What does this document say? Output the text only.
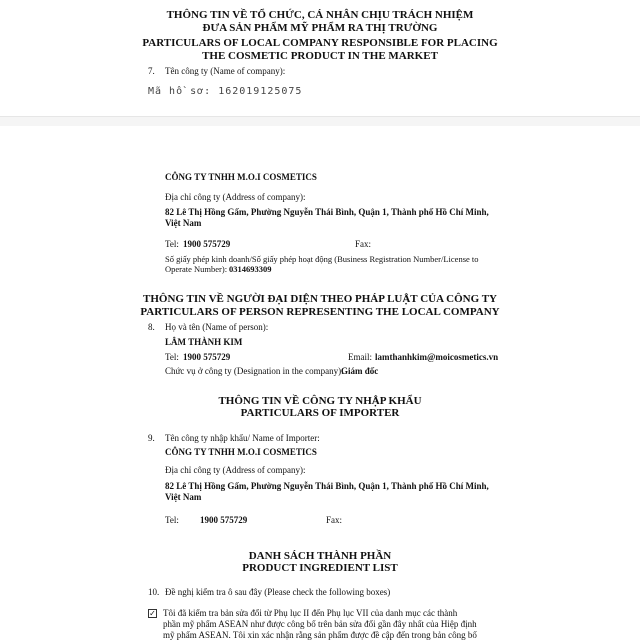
THÔNG TIN VỀ TỔ CHỨC, CÁ NHÂN CHỊU TRÁCH NHIỆM
ĐƯA SẢN PHẨM MỸ PHẨM RA THỊ TRƯỜNG
PARTICULARS OF LOCAL COMPANY RESPONSIBLE FOR PLACING
THE COSMETIC PRODUCT IN THE MARKET
7. Tên công ty (Name of company):
Mã hồ sơ: 162019125075
CÔNG TY TNHH M.O.I COSMETICS
Địa chỉ công ty (Address of company):
82 Lê Thị Hồng Gấm, Phường Nguyễn Thái Bình, Quận 1, Thành phố Hồ Chí Minh,
Việt Nam
Tel: 1900 575729	Fax:
Số giấy phép kinh doanh/Số giấy phép hoạt động (Business Registration Number/License to
Operate Number): 0314693309
THÔNG TIN VỀ NGƯỜI ĐẠI DIỆN THEO PHÁP LUẬT CỦA CÔNG TY
PARTICULARS OF PERSON REPRESENTING THE LOCAL COMPANY
8. Họ và tên (Name of person):
LÂM THÀNH KIM
Tel: 1900 575729	Email: lamthanhkim@moicosmetics.vn
Chức vụ ở công ty (Designation in the company):
Giám đốc
THÔNG TIN VỀ CÔNG TY NHẬP KHẨU
PARTICULARS OF IMPORTER
9. Tên công ty nhập khẩu/ Name of Importer:
CÔNG TY TNHH M.O.I COSMETICS
Địa chỉ công ty (Address of company):
82 Lê Thị Hồng Gấm, Phường Nguyễn Thái Bình, Quận 1, Thành phố Hồ Chí Minh,
Việt Nam
Tel: 1900 575729	Fax:
DANH SÁCH THÀNH PHẦN
PRODUCT INGREDIENT LIST
10. Đề nghị kiểm tra ô sau đây (Please check the following boxes)
✓ Tôi đã kiểm tra bản sửa đổi từ Phụ lục II đến Phụ lục VII của danh mục các thành
phần mỹ phẩm ASEAN như được công bố trên bản sửa đổi gần đây nhất của Hiệp định
mỹ phẩm ASEAN. Tôi xin xác nhận rằng sản phẩm được đề cập đến trong bản công bố
